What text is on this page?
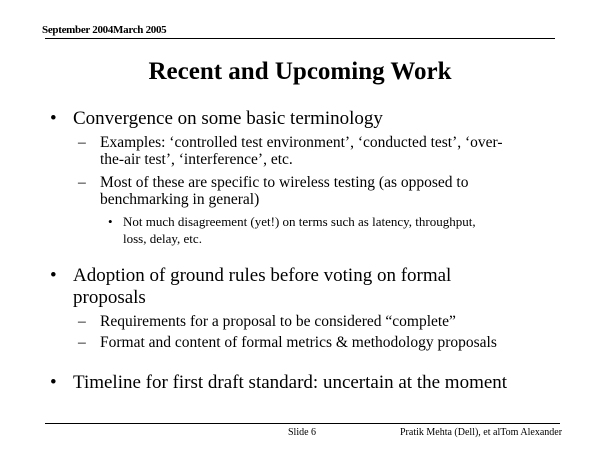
September 2004March 2005
Recent and Upcoming Work
• Convergence on some basic terminology
– Examples: ‘controlled test environment’, ‘conducted test’, ‘over-
the-air test’, ‘interference’, etc.
– Most of these are specific to wireless testing (as opposed to
benchmarking in general)
• Not much disagreement (yet!) on terms such as latency, throughput,
loss, delay, etc.
• Adoption of ground rules before voting on formal
proposals
– Requirements for a proposal to be considered “complete”
– Format and content of formal metrics & methodology proposals
• Timeline for first draft standard: uncertain at the moment
Slide 6	Pratik Mehta (Dell), et alTom Alexander
